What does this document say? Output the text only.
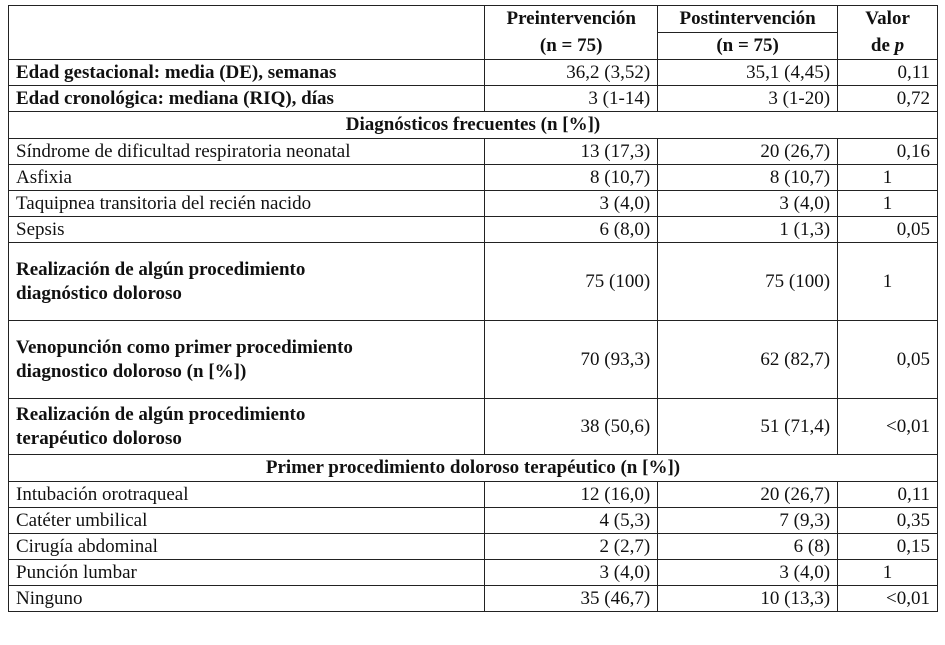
	Preintervención	Postintervención	Valor
	(n = 75)	(n = 75)	de p
Edad gestacional: media (DE), semanas	36,2 (3,52)	35,1 (4,45)	0,11
Edad cronológica: mediana (RIQ), días	3 (1-14)	3 (1-20)	0,72
Diagnósticos frecuentes (n [%])			
Síndrome de dificultad respiratoria neonatal	13 (17,3)	20 (26,7)	0,16
Asfixia	8 (10,7)	8 (10,7)	1
Taquipnea transitoria del recién nacido	3 (4,0)	3 (4,0)	1
Sepsis	6 (8,0)	1 (1,3)	0,05

Realización de algún procedimiento
diagnóstico doloroso	75 (100)	75 (100)	1

Venopunción como primer procedimiento
diagnostico doloroso (n [%])	70 (93,3)	62 (82,7)	0,05

Realización de algún procedimiento
terapéutico doloroso	38 (50,6)	51 (71,4)	<0,01
Primer procedimiento doloroso terapéutico (n [%])			
Intubación orotraqueal	12 (16,0)	20 (26,7)	0,11
Catéter umbilical	4 (5,3)	7 (9,3)	0,35
Cirugía abdominal	2 (2,7)	6 (8)	0,15
Punción lumbar	3 (4,0)	3 (4,0)	1
Ninguno	35 (46,7)	10 (13,3)	<0,01
